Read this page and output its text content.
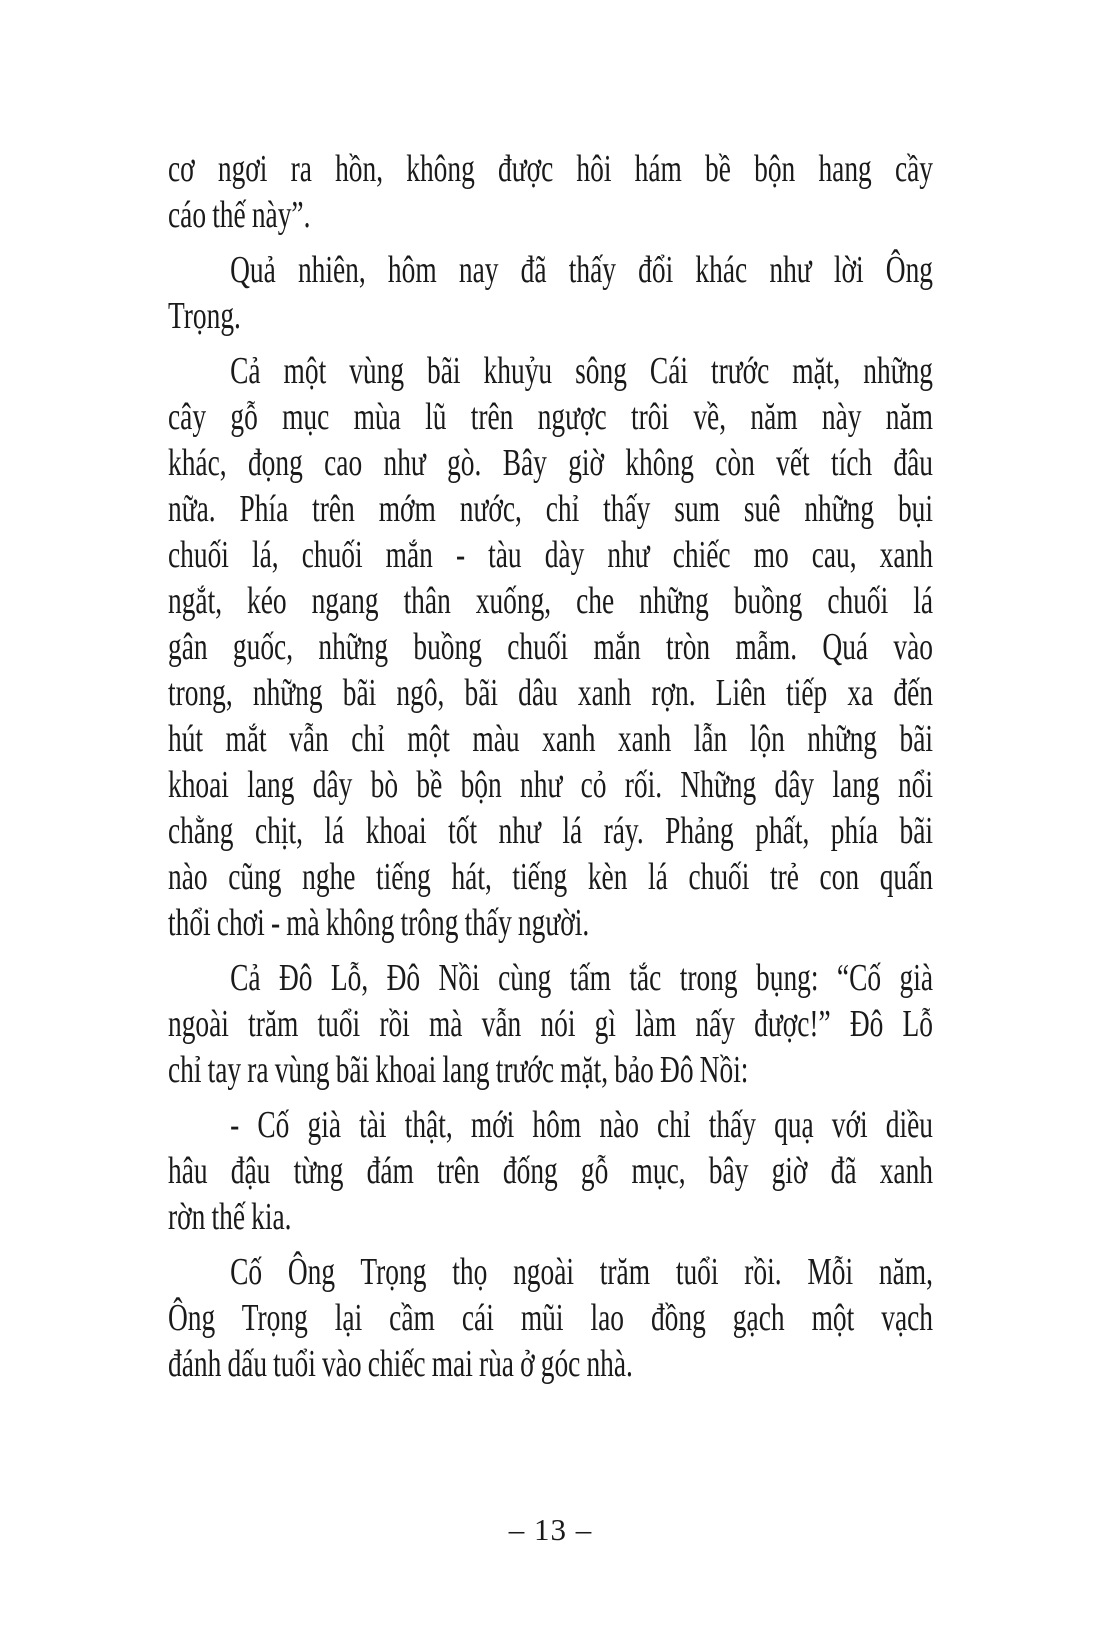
cơ ngơi ra hồn, không được hôi hám bề bộn hang cầy
cáo thế này”.
Quả nhiên, hôm nay đã thấy đổi khác như lời Ông
Trọng.
Cả một vùng bãi khuỷu sông Cái trước mặt, những
cây gỗ mục mùa lũ trên ngược trôi về, năm này năm
khác, đọng cao như gò. Bây giờ không còn vết tích đâu
nữa. Phía trên mớm nước, chỉ thấy sum suê những bụi
chuối lá, chuối mắn - tàu dày như chiếc mo cau, xanh
ngắt, kéo ngang thân xuống, che những buồng chuối lá
gân guốc, những buồng chuối mắn tròn mẫm. Quá vào
trong, những bãi ngô, bãi dâu xanh rợn. Liên tiếp xa đến
hút mắt vẫn chỉ một màu xanh xanh lẫn lộn những bãi
khoai lang dây bò bề bộn như cỏ rối. Những dây lang nổi
chằng chịt, lá khoai tốt như lá ráy. Phảng phất, phía bãi
nào cũng nghe tiếng hát, tiếng kèn lá chuối trẻ con quấn
thổi chơi - mà không trông thấy người.
Cả Đô Lỗ, Đô Nồi cùng tấm tắc trong bụng: “Cố già
ngoài trăm tuổi rồi mà vẫn nói gì làm nấy được!” Đô Lỗ
chỉ tay ra vùng bãi khoai lang trước mặt, bảo Đô Nồi:
- Cố già tài thật, mới hôm nào chỉ thấy quạ với diều
hâu đậu từng đám trên đống gỗ mục, bây giờ đã xanh
rờn thế kia.
Cố Ông Trọng thọ ngoài trăm tuổi rồi. Mỗi năm,
Ông Trọng lại cầm cái mũi lao đồng gạch một vạch
đánh dấu tuổi vào chiếc mai rùa ở góc nhà.
– 13 –
